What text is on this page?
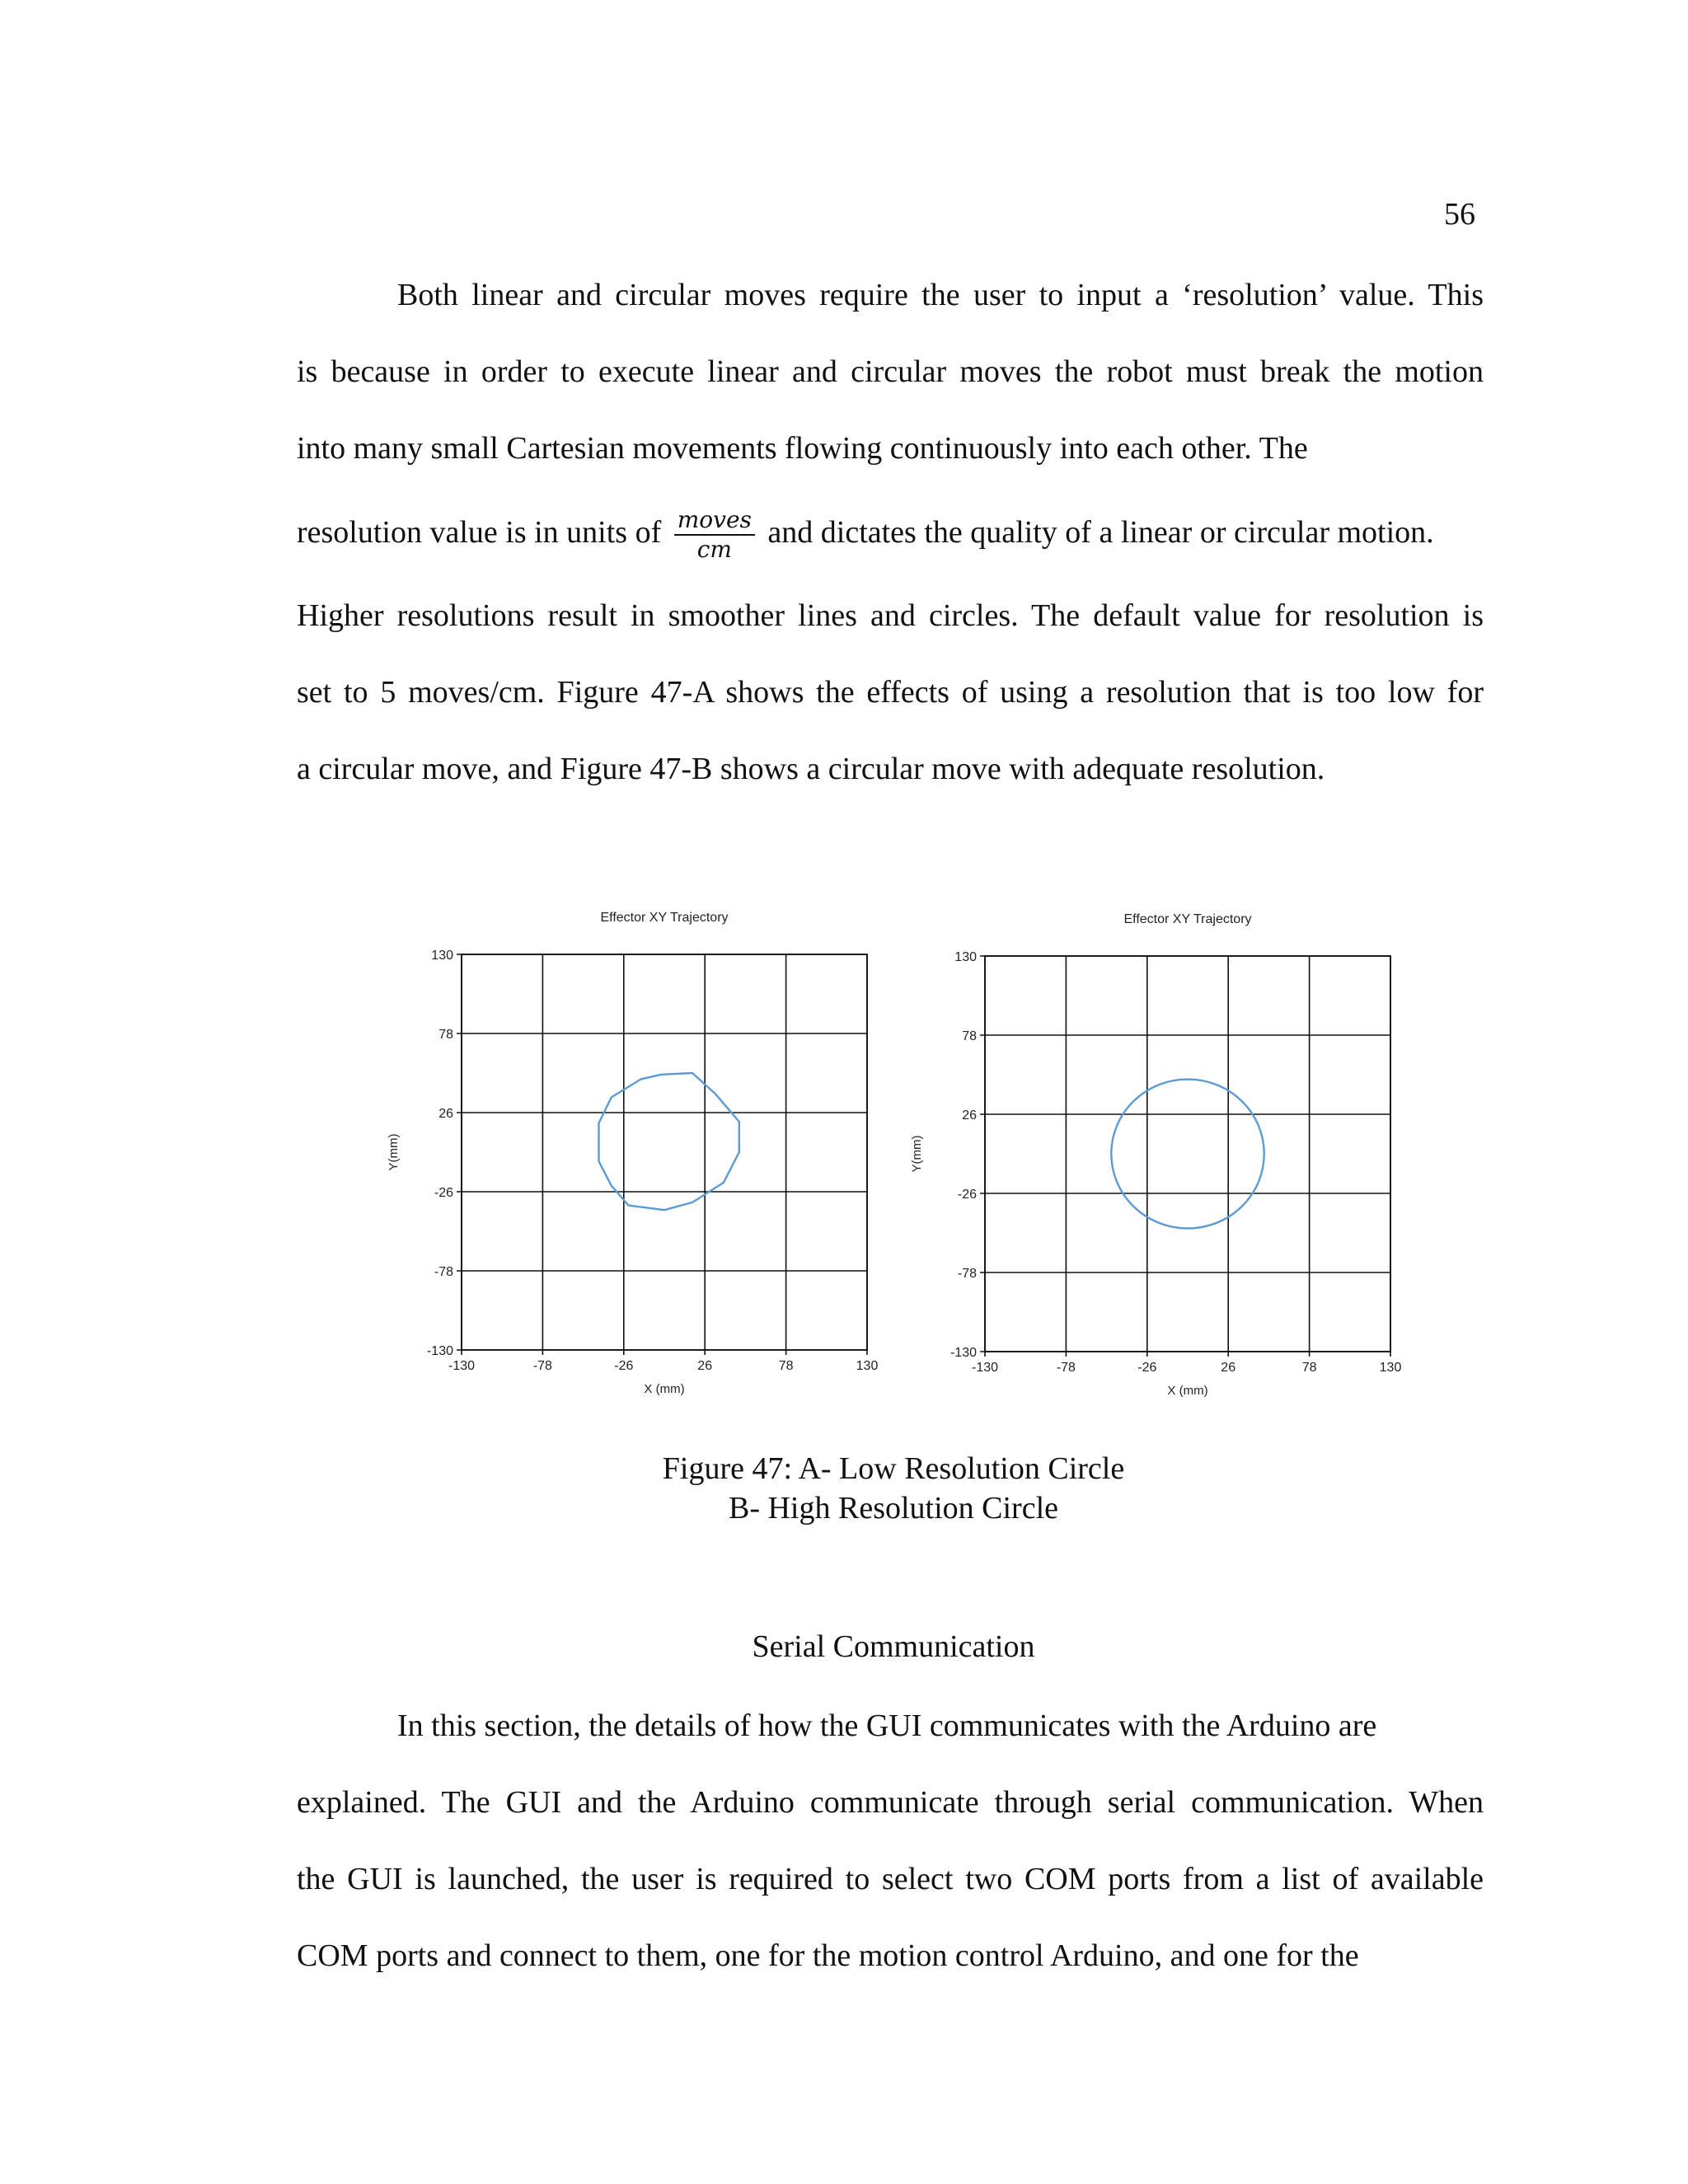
56
Both linear and circular moves require the user to input a ‘resolution’ value. This
is because in order to execute linear and circular moves the robot must break the motion
into many small Cartesian movements flowing continuously into each other. The
resolution value is in units of $\frac{\text{moves}}{cm}$ and dictates the quality of a linear or circular motion.
Higher resolutions result in smoother lines and circles. The default value for resolution is
set to 5 moves/cm. Figure 47-A shows the effects of using a resolution that is too low for
a circular move, and Figure 47-B shows a circular move with adequate resolution.
Effector XY Trajectory
-130	-78	-26	26	78	130
130
78
26
-26
-78
-130
X (mm)
Y(mm)
Effector XY Trajectory
-130	-78	-26	26	78	130
130
78
26
-26
-78
-130
X (mm)
Y(mm)
Figure 47: A- Low Resolution Circle
B- High Resolution Circle
Serial Communication
In this section, the details of how the GUI communicates with the Arduino are
explained. The GUI and the Arduino communicate through serial communication. When
the GUI is launched, the user is required to select two COM ports from a list of available
COM ports and connect to them, one for the motion control Arduino, and one for the
